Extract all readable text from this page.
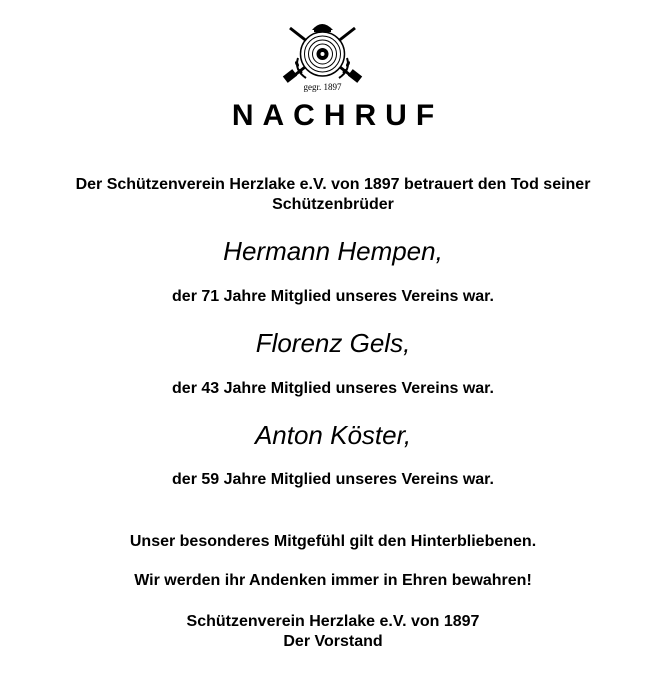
gegr. 1897
NACHRUF
Der Schützenverein Herzlake e.V. von 1897 betrauert den Tod seiner Schützenbrüder
Hermann Hempen,
der 71 Jahre Mitglied unseres Vereins war.
Florenz Gels,
der 43 Jahre Mitglied unseres Vereins war.
Anton Köster,
der 59 Jahre Mitglied unseres Vereins war.
Unser besonderes Mitgefühl gilt den Hinterbliebenen.
Wir werden ihr Andenken immer in Ehren bewahren!
Schützenverein Herzlake e.V. von 1897
Der Vorstand
